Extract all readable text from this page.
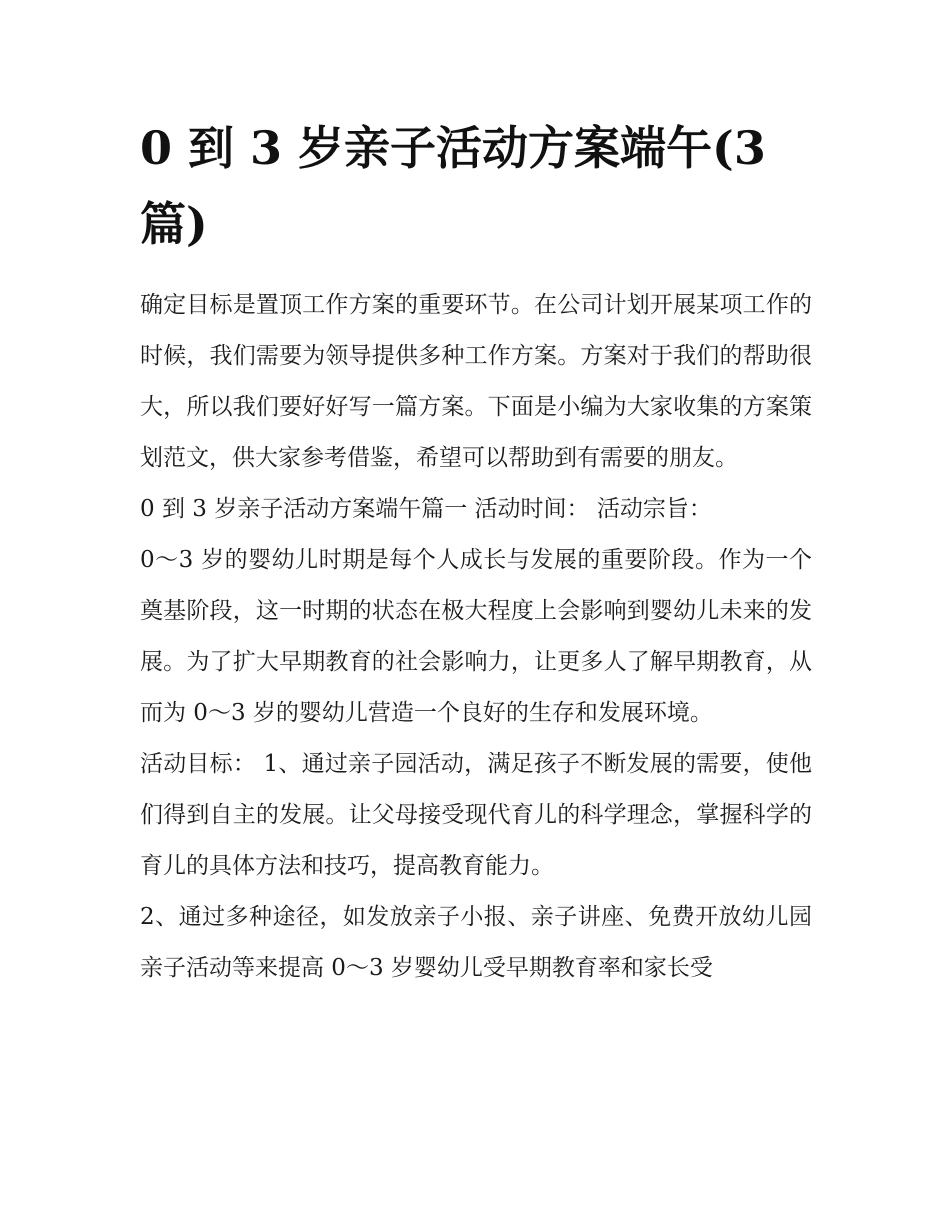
0 到 3 岁亲子活动方案端午(3篇)

确定目标是置顶工作方案的重要环节。在公司计划开展某项工作的时候，我们需要为领导提供多种工作方案。方案对于我们的帮助很大，所以我们要好好写一篇方案。下面是小编为大家收集的方案策划范文，供大家参考借鉴，希望可以帮助到有需要的朋友。

0 到 3 岁亲子活动方案端午篇一 活动时间： 活动宗旨：

0～3 岁的婴幼儿时期是每个人成长与发展的重要阶段。作为一个奠基阶段，这一时期的状态在极大程度上会影响到婴幼儿未来的发展。为了扩大早期教育的社会影响力，让更多人了解早期教育，从而为 0～3 岁的婴幼儿营造一个良好的生存和发展环境。

活动目标： 1、通过亲子园活动，满足孩子不断发展的需要，使他们得到自主的发展。让父母接受现代育儿的科学理念，掌握科学的育儿的具体方法和技巧，提高教育能力。

2、通过多种途径，如发放亲子小报、亲子讲座、免费开放幼儿园亲子活动等来提高 0～3 岁婴幼儿受早期教育率和家长受
